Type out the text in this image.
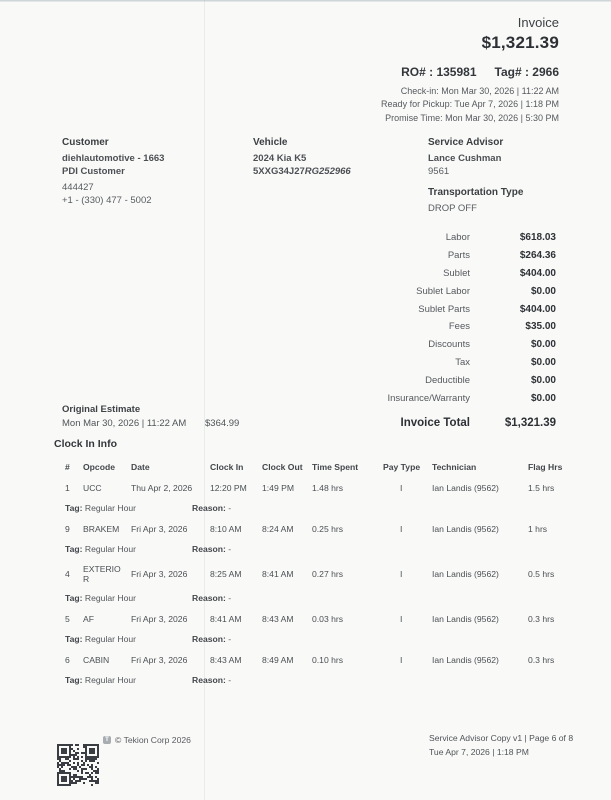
Invoice
$1,321.39
RO# : 135981 Tag# : 2966
Check-in: Mon Mar 30, 2026 | 11:22 AM
Ready for Pickup: Tue Apr 7, 2026 | 1:18 PM
Promise Time: Mon Mar 30, 2026 | 5:30 PM
Customer
diehlautomotive - 1663
PDI Customer
444427
+1 - (330) 477 - 5002
Vehicle
2024 Kia K5
5XXG34J27RG252966
Service Advisor
Lance Cushman
9561
Transportation Type
DROP OFF
Labor	$618.03
Parts	$264.36
Sublet	$404.00
Sublet Labor	$0.00
Sublet Parts	$404.00
Fees	$35.00
Discounts	$0.00
Tax	$0.00
Deductible	$0.00
Insurance/Warranty	$0.00
Invoice Total	$1,321.39
Original Estimate
Mon Mar 30, 2026 | 11:22 AM $364.99
Clock In Info
#	Opcode	Date	Clock In	Clock Out	Time Spent	Pay Type	Technician	Flag Hrs
1	UCC	Thu Apr 2, 2026	12:20 PM	1:49 PM	1.48 hrs	I	Ian Landis (9562)	1.5 hrs
Tag: Regular Hour	Reason: -
9	BRAKEM	Fri Apr 3, 2026	8:10 AM	8:24 AM	0.25 hrs	I	Ian Landis (9562)	1 hrs
Tag: Regular Hour	Reason: -
4	EXTERIOR	Fri Apr 3, 2026	8:25 AM	8:41 AM	0.27 hrs	I	Ian Landis (9562)	0.5 hrs
Tag: Regular Hour	Reason: -
5	AF	Fri Apr 3, 2026	8:41 AM	8:43 AM	0.03 hrs	I	Ian Landis (9562)	0.3 hrs
Tag: Regular Hour	Reason: -
6	CABIN	Fri Apr 3, 2026	8:43 AM	8:49 AM	0.10 hrs	I	Ian Landis (9562)	0.3 hrs
Tag: Regular Hour	Reason: -
T © Tekion Corp 2026	Service Advisor Copy v1 | Page 6 of 8
Tue Apr 7, 2026 | 1:18 PM
